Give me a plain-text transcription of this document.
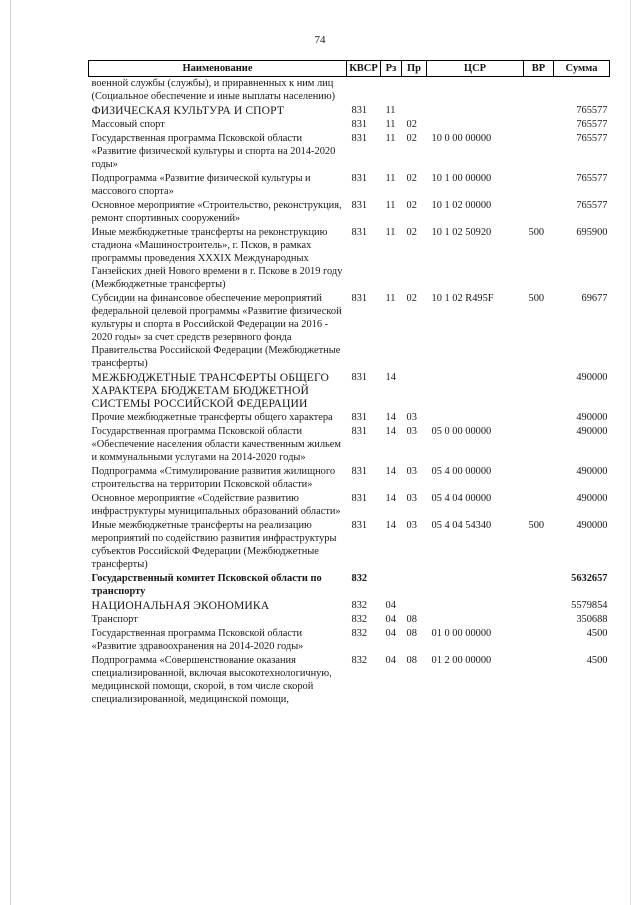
74
Наименование	КВСР	Рз	Пр	ЦСР	ВР	Сумма
военной службы (службы), и приравненных к ним лиц (Социальное обеспечение и иные выплаты населению)						
ФИЗИЧЕСКАЯ КУЛЬТУРА И СПОРТ	831	11				765577
Массовый спорт	831	11	02			765577
Государственная программа Псковской области «Развитие физической культуры и спорта на 2014-2020 годы»	831	11	02	10 0 00 00000		765577
Подпрограмма «Развитие физической культуры и массового спорта»	831	11	02	10 1 00 00000		765577
Основное мероприятие «Строительство, реконструкция, ремонт спортивных сооружений»	831	11	02	10 1 02 00000		765577
Иные межбюджетные трансферты на реконструкцию стадиона «Машиностроитель», г. Псков, в рамках программы проведения XXXIX Международных Ганзейских дней Нового времени в г. Пскове в 2019 году (Межбюджетные трансферты)	831	11	02	10 1 02 50920	500	695900
Субсидии на финансовое обеспечение мероприятий федеральной целевой программы «Развитие физической культуры и спорта в Российской Федерации на 2016 - 2020 годы» за счет средств резервного фонда Правительства Российской Федерации (Межбюджетные трансферты)	831	11	02	10 1 02 R495F	500	69677
МЕЖБЮДЖЕТНЫЕ ТРАНСФЕРТЫ ОБЩЕГО ХАРАКТЕРА БЮДЖЕТАМ БЮДЖЕТНОЙ СИСТЕМЫ РОССИЙСКОЙ ФЕДЕРАЦИИ	831	14				490000
Прочие межбюджетные трансферты общего характера	831	14	03			490000
Государственная программа Псковской области «Обеспечение населения области качественным жильем и коммунальными услугами на 2014-2020 годы»	831	14	03	05 0 00 00000		490000
Подпрограмма «Стимулирование развития жилищного строительства на территории Псковской области»	831	14	03	05 4 00 00000		490000
Основное мероприятие «Содействие развитию инфраструктуры муниципальных образований области»	831	14	03	05 4 04 00000		490000
Иные межбюджетные трансферты на реализацию мероприятий по содействию развития инфраструктуры субъектов Российской Федерации (Межбюджетные трансферты)	831	14	03	05 4 04 54340	500	490000
Государственный комитет Псковской области по транспорту	832					5632657
НАЦИОНАЛЬНАЯ ЭКОНОМИКА	832	04				5579854
Транспорт	832	04	08			350688
Государственная программа Псковской области «Развитие здравоохранения на 2014-2020 годы»	832	04	08	01 0 00 00000		4500
Подпрограмма «Совершенствование оказания специализированной, включая высокотехнологичную, медицинской помощи, скорой, в том числе скорой специализированной, медицинской помощи,	832	04	08	01 2 00 00000		4500
